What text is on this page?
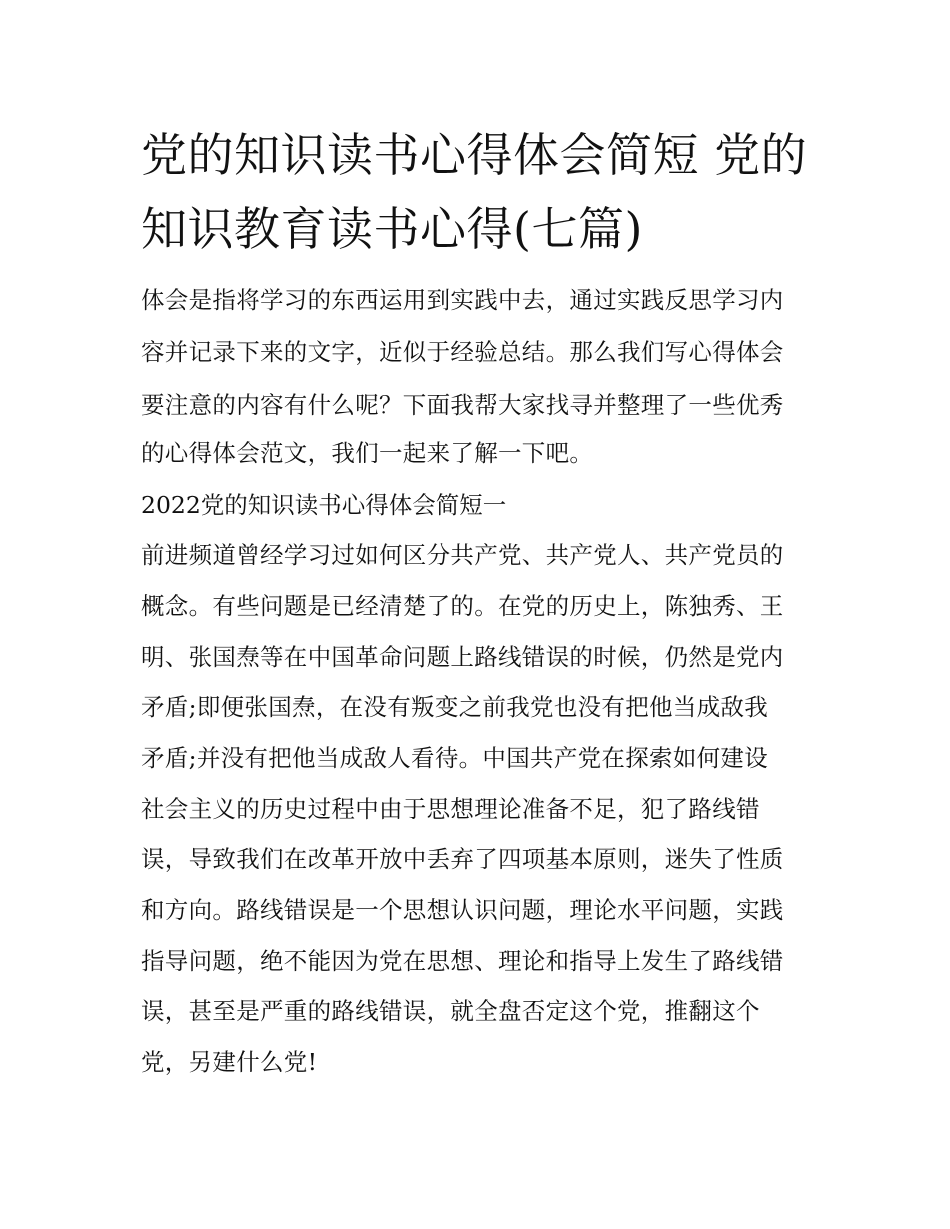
党的知识读书心得体会简短 党的知识教育读书心得(七篇)

体会是指将学习的东西运用到实践中去，通过实践反思学习内

容并记录下来的文字，近似于经验总结。那么我们写心得体会

要注意的内容有什么呢？下面我帮大家找寻并整理了一些优秀

的心得体会范文，我们一起来了解一下吧。

2022党的知识读书心得体会简短一

前进频道曾经学习过如何区分共产党、共产党人、共产党员的

概念。有些问题是已经清楚了的。在党的历史上，陈独秀、王

明、张国焘等在中国革命问题上路线错误的时候，仍然是党内

矛盾;即便张国焘，在没有叛变之前我党也没有把他当成敌我

矛盾;并没有把他当成敌人看待。中国共产党在探索如何建设

社会主义的历史过程中由于思想理论准备不足，犯了路线错

误，导致我们在改革开放中丢弃了四项基本原则，迷失了性质

和方向。路线错误是一个思想认识问题，理论水平问题，实践

指导问题，绝不能因为党在思想、理论和指导上发生了路线错

误，甚至是严重的路线错误，就全盘否定这个党，推翻这个

党，另建什么党!
